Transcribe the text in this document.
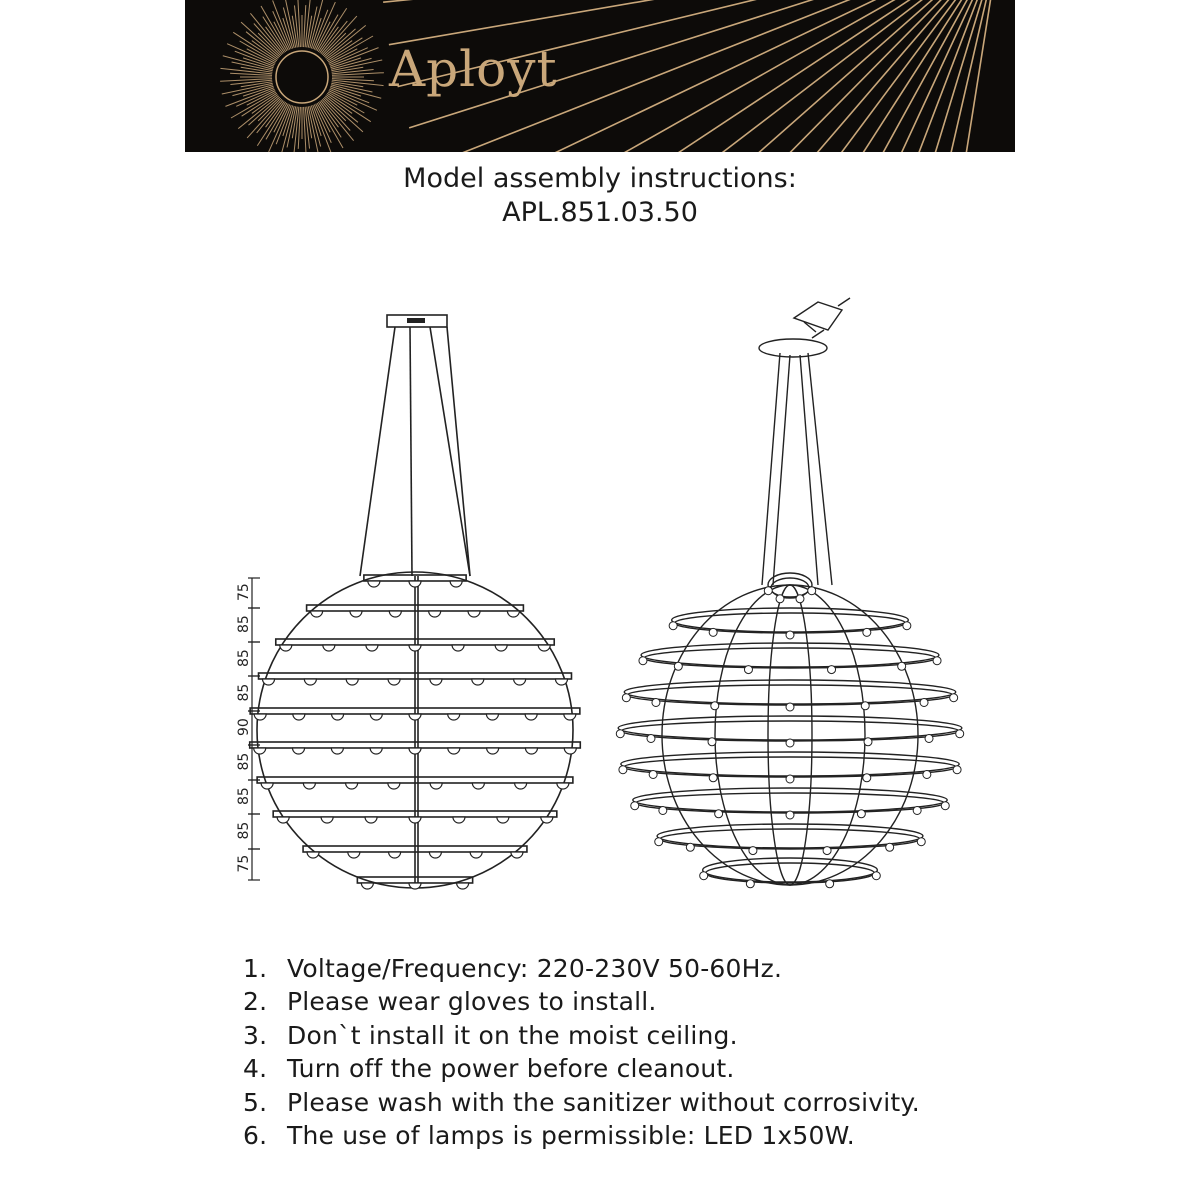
Aployt
Model assembly instructions:
APL.851.03.50
75
85
85
85
90
85
85
85
75
1. Voltage/Frequency: 220-230V 50-60Hz.
2. Please wear gloves to install.
3. Don`t install it on the moist ceiling.
4. Turn off the power before cleanout.
5. Please wash with the sanitizer without corrosivity.
6. The use of lamps is permissible: LED 1x50W.
